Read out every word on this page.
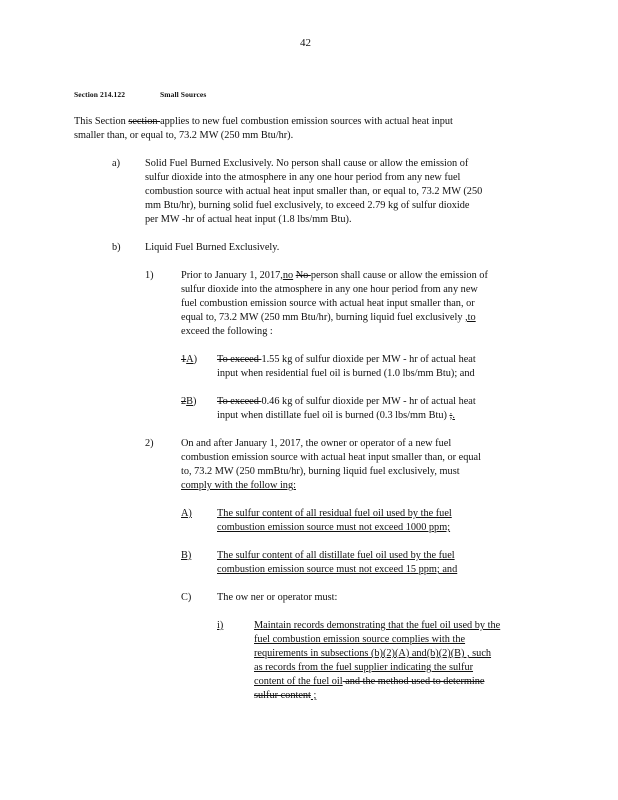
42
Section 214.122	Small Sources
This Section section applies to new fuel combustion emission sources with actual heat input
smaller than, or equal to, 73.2 MW (250 mm Btu/hr).
a) Solid Fuel Burned Exclusively. No person shall cause or allow the emission of
sulfur dioxide into the atmosphere in any one hour period from any new fuel
combustion source with actual heat input smaller than, or equal to, 73.2 MW (250
mm Btu/hr), burning solid fuel exclusively, to exceed 2.79 kg of sulfur dioxide
per MW -hr of actual heat input (1.8 lbs/mm Btu).
b) Liquid Fuel Burned Exclusively.
1)	Prior to January 1, 2017,no No person shall cause or allow the emission of
sulfur dioxide into the atmosphere in any one hour period from any new
fuel combustion emission source with actual heat input smaller than, or
equal to, 73.2 MW (250 mm Btu/hr), burning liquid fuel exclusively ,to
exceed the following :
1A) To exceed 1.55 kg of sulfur dioxide per MW - hr of actual heat
input when residential fuel oil is burned (1.0 lbs/mm Btu); and
2B) To exceed 0.46 kg of sulfur dioxide per MW - hr of actual heat
input when distillate fuel oil is burned (0.3 lbs/mm Btu) ;.
2)	On and after January 1, 2017, the owner or operator of a new fuel
combustion emission source with actual heat input smaller than, or equal
to, 73.2 MW (250 mmBtu/hr), burning liquid fuel exclusively, must
comply with the follow ing:
A) The sulfur content of all residual fuel oil used by the fuel
combustion emission source must not exceed 1000 ppm;
B) The sulfur content of all distillate fuel oil used by the fuel
combustion emission source must not exceed 15 ppm; and
C) The ow ner or operator must:
i)	Maintain records demonstrating that the fuel oil used by the
fuel combustion emission source complies with the
requirements in subsections (b)(2)(A) and(b)(2)(B) , such
as records from the fuel supplier indicating the sulfur
content of the fuel oil and the method used to determine
sulfur content ;
